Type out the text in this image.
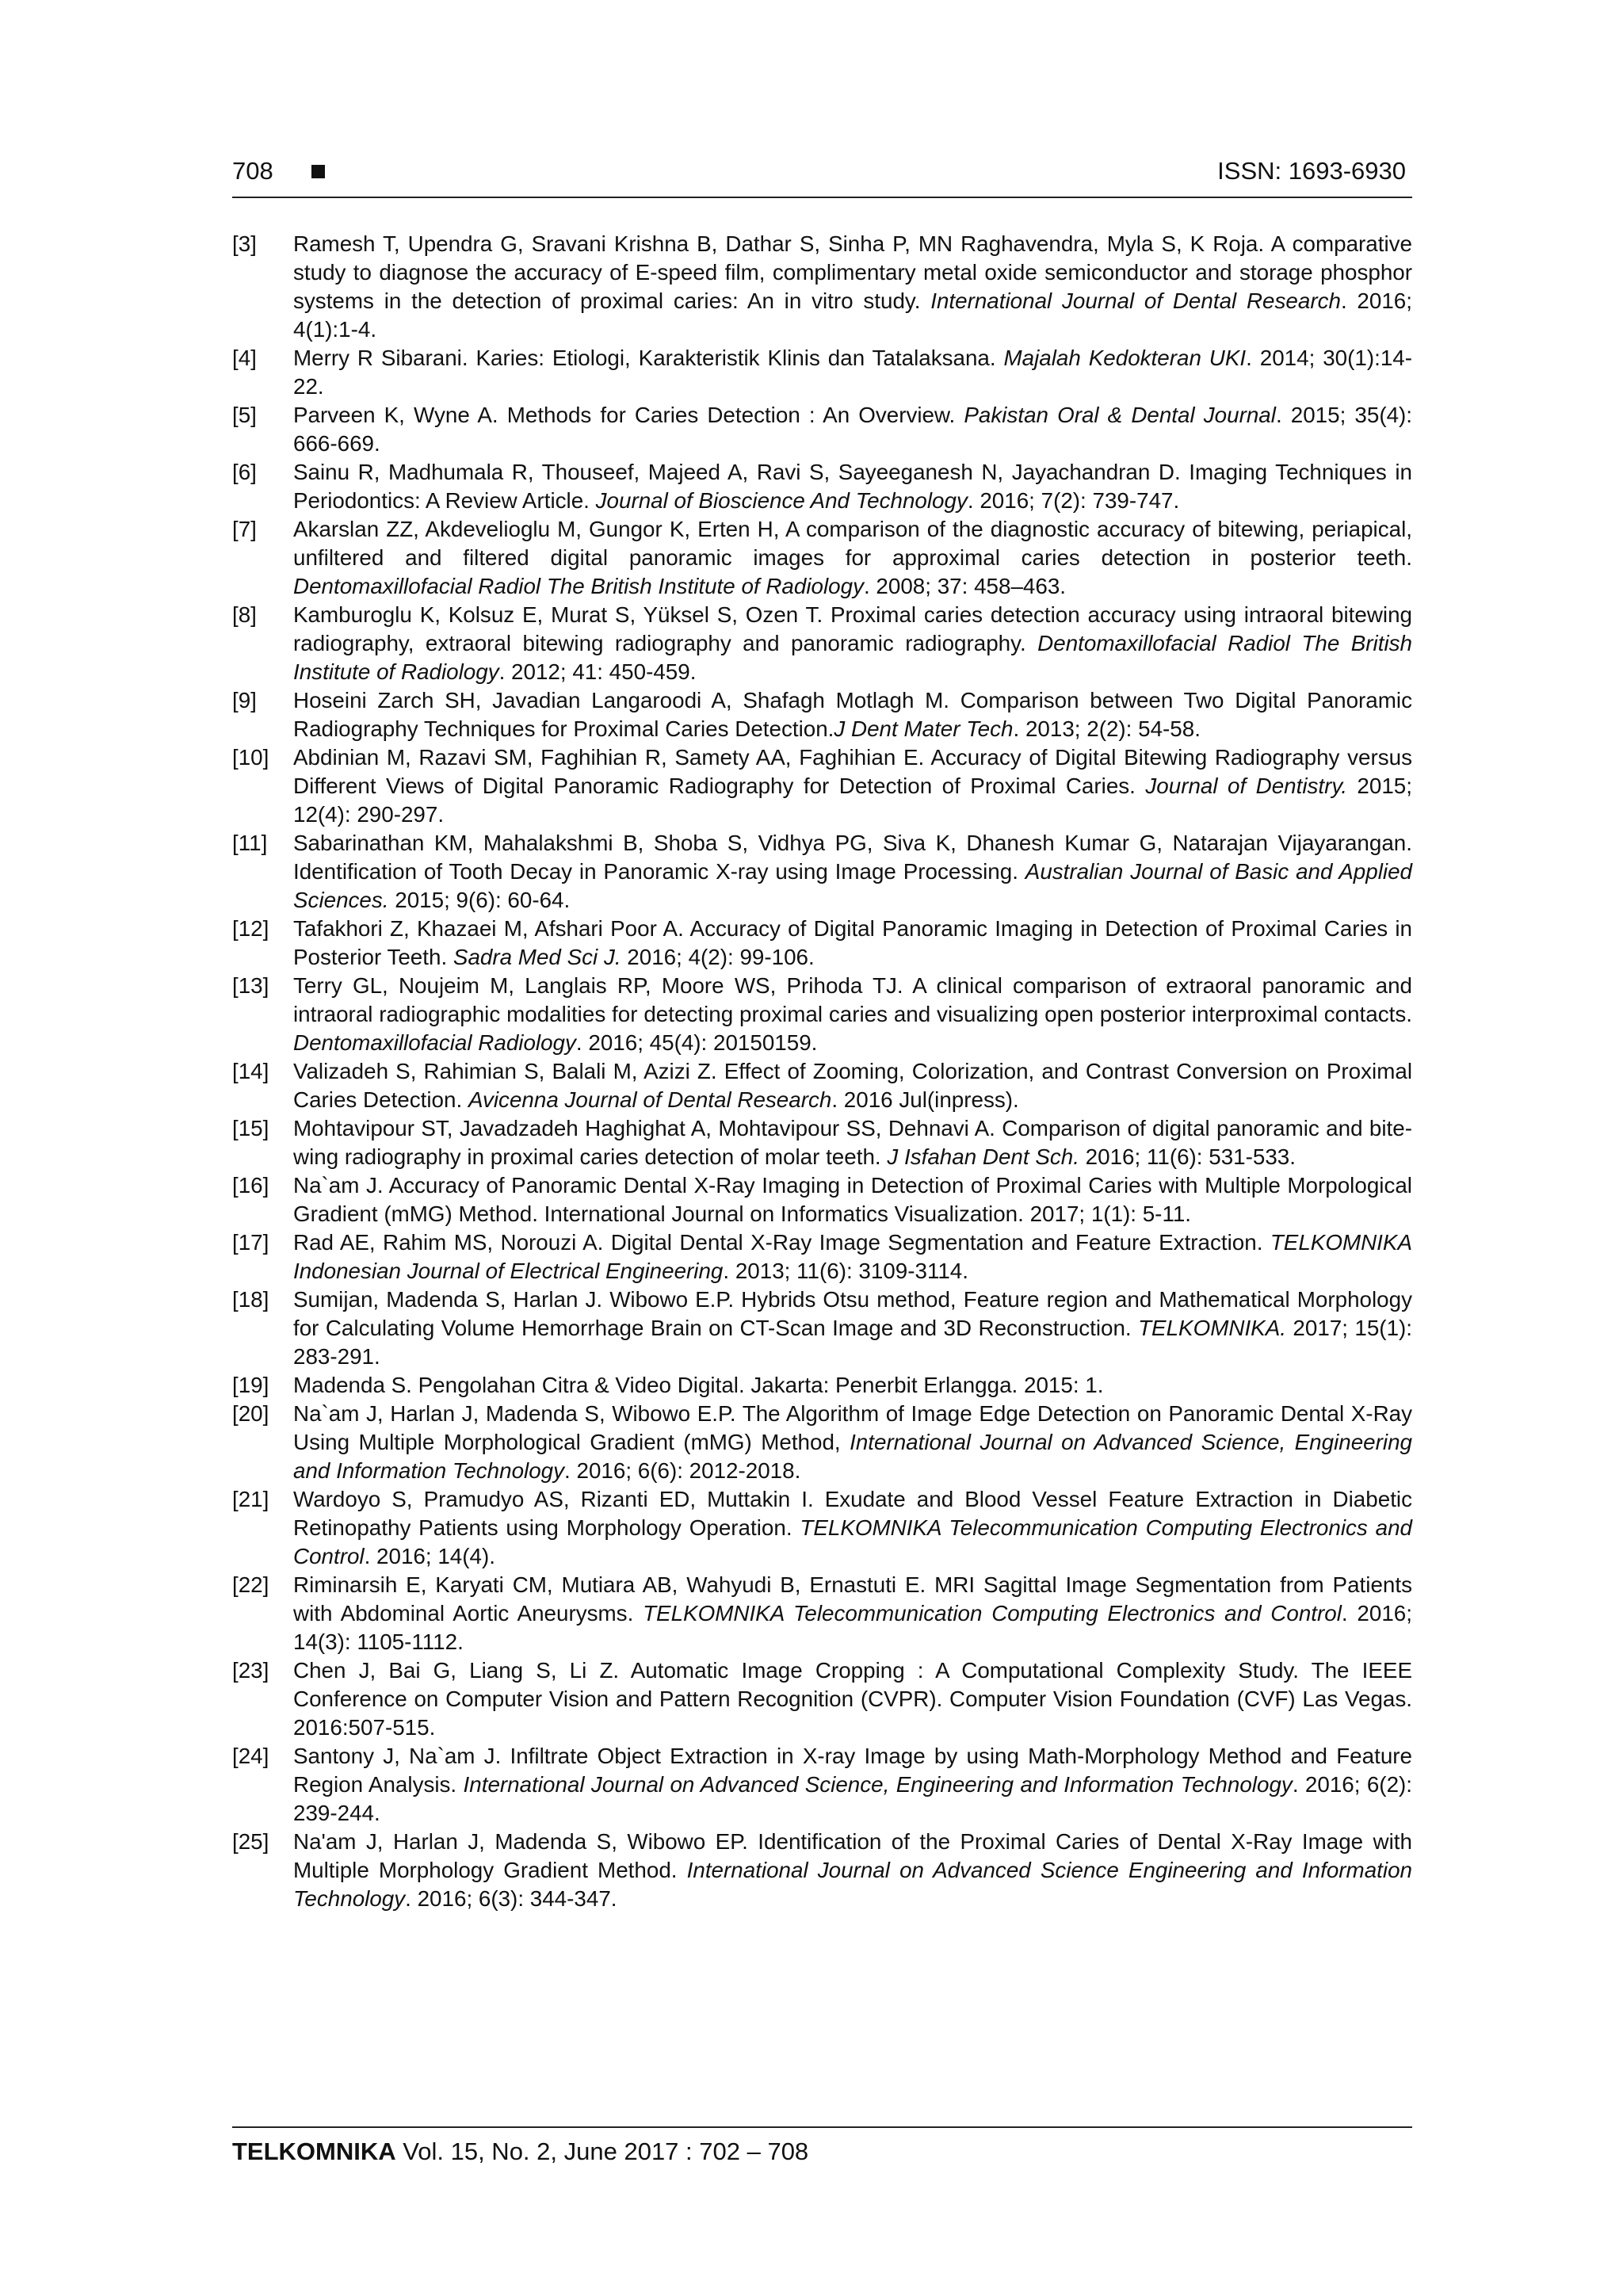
708	ISSN: 1693-6930

[3] Ramesh T, Upendra G, Sravani Krishna B, Dathar S, Sinha P, MN Raghavendra, Myla S, K Roja. A comparative study to diagnose the accuracy of E-speed film, complimentary metal oxide semiconductor and storage phosphor systems in the detection of proximal caries: An in vitro study. International Journal of Dental Research. 2016; 4(1):1-4.

[4] Merry R Sibarani. Karies: Etiologi, Karakteristik Klinis dan Tatalaksana. Majalah Kedokteran UKI. 2014; 30(1):14-22.

[5] Parveen K, Wyne A. Methods for Caries Detection : An Overview. Pakistan Oral & Dental Journal. 2015; 35(4): 666-669.

[6] Sainu R, Madhumala R, Thouseef, Majeed A, Ravi S, Sayeeganesh N, Jayachandran D. Imaging Techniques in Periodontics: A Review Article. Journal of Bioscience And Technology. 2016; 7(2): 739-747.

[7] Akarslan ZZ, Akdevelioglu M, Gungor K, Erten H, A comparison of the diagnostic accuracy of bitewing, periapical, unfiltered and filtered digital panoramic images for approximal caries detection in posterior teeth. Dentomaxillofacial Radiol The British Institute of Radiology. 2008; 37: 458–463.

[8] Kamburoglu K, Kolsuz E, Murat S, Yüksel S, Ozen T. Proximal caries detection accuracy using intraoral bitewing radiography, extraoral bitewing radiography and panoramic radiography. Dentomaxillofacial Radiol The British Institute of Radiology. 2012; 41: 450-459.

[9] Hoseini Zarch SH, Javadian Langaroodi A, Shafagh Motlagh M. Comparison between Two Digital Panoramic Radiography Techniques for Proximal Caries Detection.J Dent Mater Tech. 2013; 2(2): 54-58.

[10] Abdinian M, Razavi SM, Faghihian R, Samety AA, Faghihian E. Accuracy of Digital Bitewing Radiography versus Different Views of Digital Panoramic Radiography for Detection of Proximal Caries. Journal of Dentistry. 2015; 12(4): 290-297.

[11] Sabarinathan KM, Mahalakshmi B, Shoba S, Vidhya PG, Siva K, Dhanesh Kumar G, Natarajan Vijayarangan. Identification of Tooth Decay in Panoramic X-ray using Image Processing. Australian Journal of Basic and Applied Sciences. 2015; 9(6): 60-64.

[12] Tafakhori Z, Khazaei M, Afshari Poor A. Accuracy of Digital Panoramic Imaging in Detection of Proximal Caries in Posterior Teeth. Sadra Med Sci J. 2016; 4(2): 99-106.

[13] Terry GL, Noujeim M, Langlais RP, Moore WS, Prihoda TJ. A clinical comparison of extraoral panoramic and intraoral radiographic modalities for detecting proximal caries and visualizing open posterior interproximal contacts. Dentomaxillofacial Radiology. 2016; 45(4): 20150159.

[14] Valizadeh S, Rahimian S, Balali M, Azizi Z. Effect of Zooming, Colorization, and Contrast Conversion on Proximal Caries Detection. Avicenna Journal of Dental Research. 2016 Jul(inpress).

[15] Mohtavipour ST, Javadzadeh Haghighat A, Mohtavipour SS, Dehnavi A. Comparison of digital panoramic and bite-wing radiography in proximal caries detection of molar teeth. J Isfahan Dent Sch. 2016; 11(6): 531-533.

[16] Na`am J. Accuracy of Panoramic Dental X-Ray Imaging in Detection of Proximal Caries with Multiple Morpological Gradient (mMG) Method. International Journal on Informatics Visualization. 2017; 1(1): 5-11.

[17] Rad AE, Rahim MS, Norouzi A. Digital Dental X-Ray Image Segmentation and Feature Extraction. TELKOMNIKA Indonesian Journal of Electrical Engineering. 2013; 11(6): 3109-3114.

[18] Sumijan, Madenda S, Harlan J. Wibowo E.P. Hybrids Otsu method, Feature region and Mathematical Morphology for Calculating Volume Hemorrhage Brain on CT-Scan Image and 3D Reconstruction. TELKOMNIKA. 2017; 15(1): 283-291.

[19] Madenda S. Pengolahan Citra & Video Digital. Jakarta: Penerbit Erlangga. 2015: 1.

[20] Na`am J, Harlan J, Madenda S, Wibowo E.P. The Algorithm of Image Edge Detection on Panoramic Dental X-Ray Using Multiple Morphological Gradient (mMG) Method, International Journal on Advanced Science, Engineering and Information Technology. 2016; 6(6): 2012-2018.

[21] Wardoyo S, Pramudyo AS, Rizanti ED, Muttakin I. Exudate and Blood Vessel Feature Extraction in Diabetic Retinopathy Patients using Morphology Operation. TELKOMNIKA Telecommunication Computing Electronics and Control. 2016; 14(4).

[22] Riminarsih E, Karyati CM, Mutiara AB, Wahyudi B, Ernastuti E. MRI Sagittal Image Segmentation from Patients with Abdominal Aortic Aneurysms. TELKOMNIKA Telecommunication Computing Electronics and Control. 2016; 14(3): 1105-1112.

[23] Chen J, Bai G, Liang S, Li Z. Automatic Image Cropping : A Computational Complexity Study. The IEEE Conference on Computer Vision and Pattern Recognition (CVPR). Computer Vision Foundation (CVF) Las Vegas. 2016:507-515.

[24] Santony J, Na`am J. Infiltrate Object Extraction in X-ray Image by using Math-Morphology Method and Feature Region Analysis. International Journal on Advanced Science, Engineering and Information Technology. 2016; 6(2): 239-244.

[25] Na'am J, Harlan J, Madenda S, Wibowo EP. Identification of the Proximal Caries of Dental X-Ray Image with Multiple Morphology Gradient Method. International Journal on Advanced Science Engineering and Information Technology. 2016; 6(3): 344-347.

TELKOMNIKA Vol. 15, No. 2, June 2017 : 702 – 708
